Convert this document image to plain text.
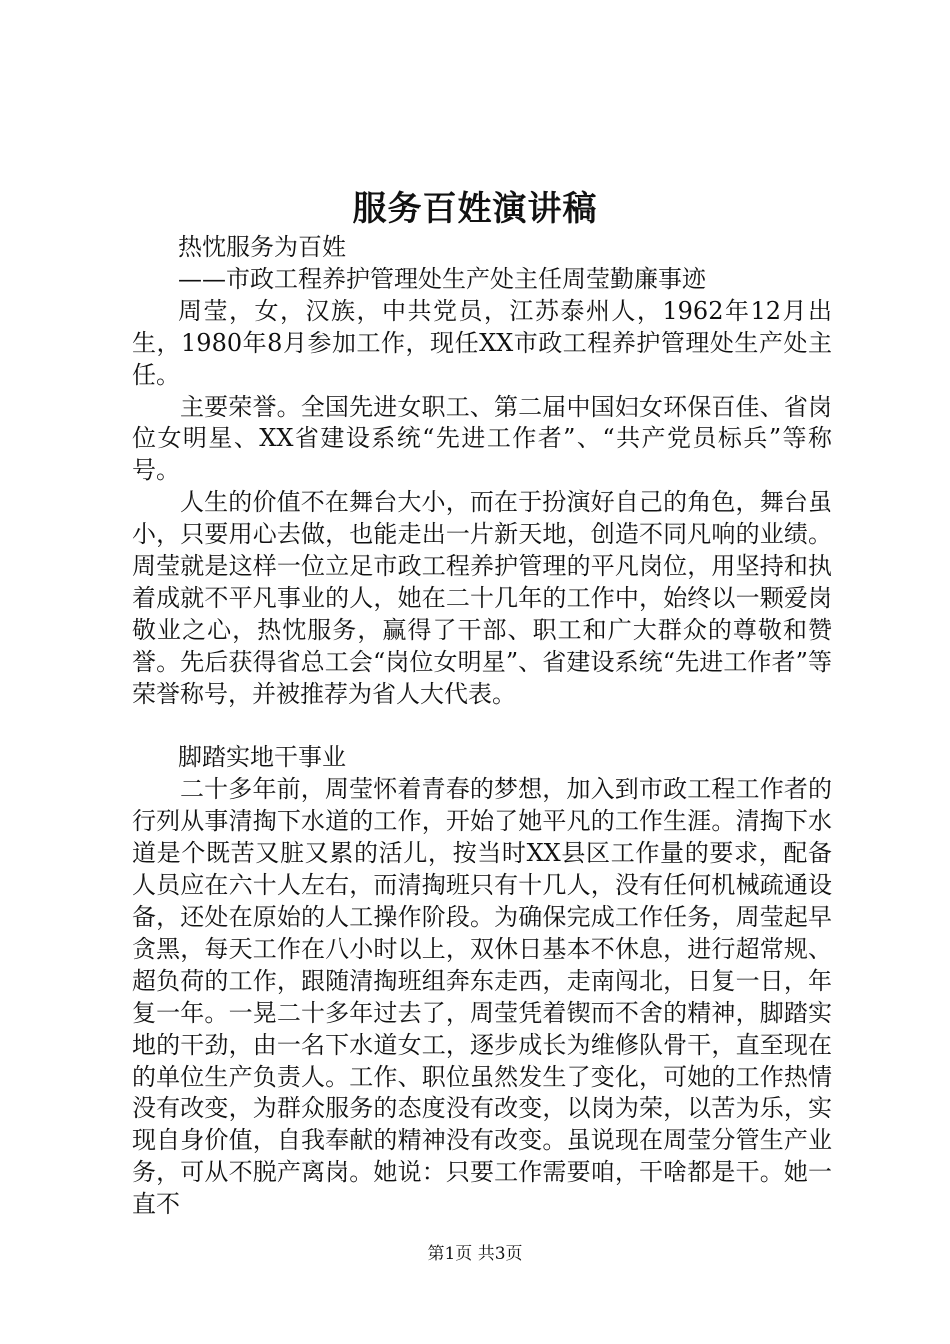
服务百姓演讲稿

热忱服务为百姓

——市政工程养护管理处生产处主任周莹勤廉事迹

周莹，女，汉族，中共党员，江苏泰州人，1962年12月出生，1980年8月参加工作，现任XX市政工程养护管理处生产处主任。

主要荣誉。全国先进女职工、第二届中国妇女环保百佳、省岗位女明星、XX省建设系统“先进工作者”、“共产党员标兵”等称号。

人生的价值不在舞台大小，而在于扮演好自己的角色，舞台虽小，只要用心去做，也能走出一片新天地，创造不同凡响的业绩。周莹就是这样一位立足市政工程养护管理的平凡岗位，用坚持和执着成就不平凡事业的人，她在二十几年的工作中，始终以一颗爱岗敬业之心，热忱服务，赢得了干部、职工和广大群众的尊敬和赞誉。先后获得省总工会“岗位女明星”、省建设系统“先进工作者”等荣誉称号，并被推荐为省人大代表。

脚踏实地干事业

二十多年前，周莹怀着青春的梦想，加入到市政工程工作者的行列从事清掏下水道的工作，开始了她平凡的工作生涯。清掏下水道是个既苦又脏又累的活儿，按当时XX县区工作量的要求，配备人员应在六十人左右，而清掏班只有十几人，没有任何机械疏通设备，还处在原始的人工操作阶段。为确保完成工作任务，周莹起早贪黑，每天工作在八小时以上，双休日基本不休息，进行超常规、超负荷的工作，跟随清掏班组奔东走西，走南闯北，日复一日，年复一年。一晃二十多年过去了，周莹凭着锲而不舍的精神，脚踏实地的干劲，由一名下水道女工，逐步成长为维修队骨干，直至现在的单位生产负责人。工作、职位虽然发生了变化，可她的工作热情没有改变，为群众服务的态度没有改变，以岗为荣，以苦为乐，实现自身价值，自我奉献的精神没有改变。虽说现在周莹分管生产业务，可从不脱产离岗。她说：只要工作需要咱，干啥都是干。她一直不

第1页 共3页
